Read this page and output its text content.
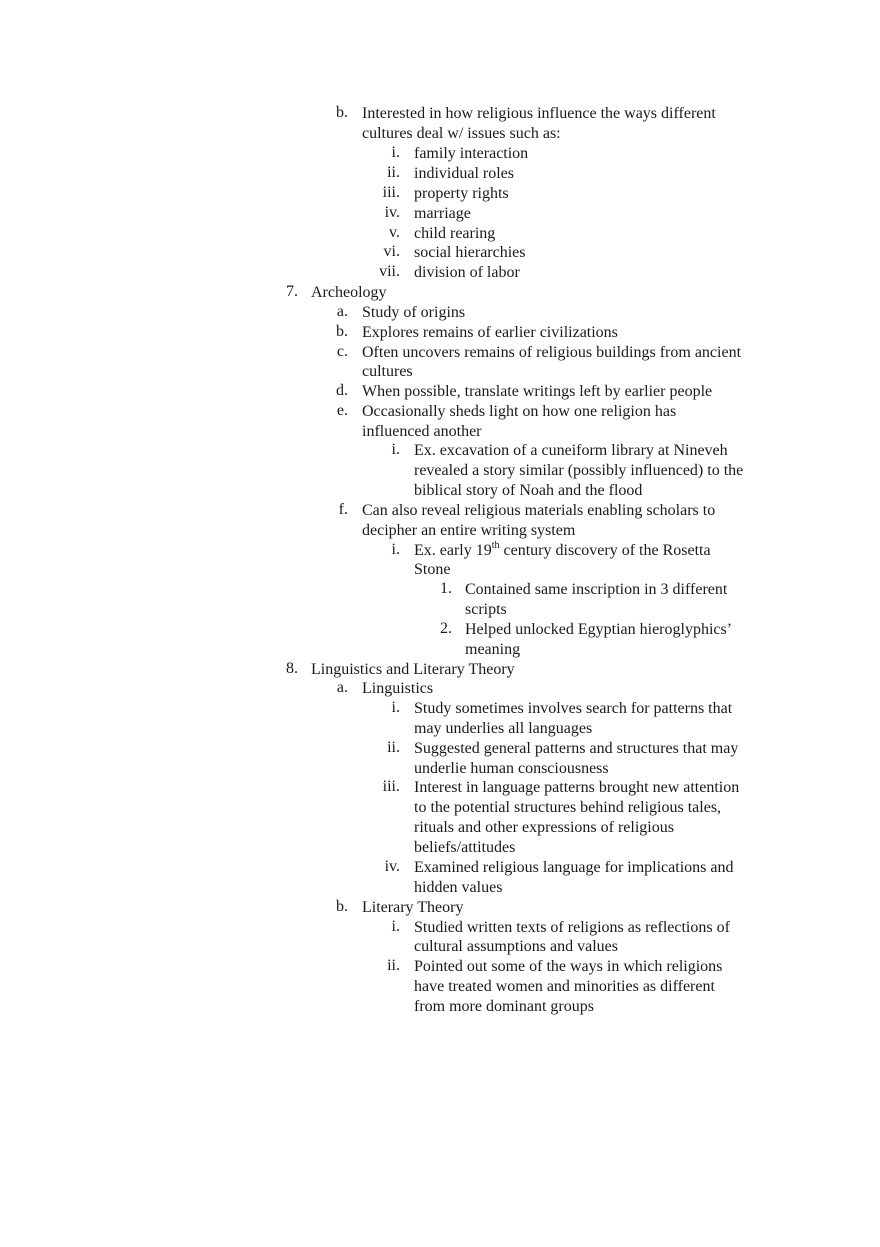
b. Interested in how religious influence the ways different
cultures deal w/ issues such as:
i. family interaction
ii. individual roles
iii. property rights
iv. marriage
v. child rearing
vi. social hierarchies
vii. division of labor
7. Archeology
a. Study of origins
b. Explores remains of earlier civilizations
c. Often uncovers remains of religious buildings from ancient
cultures
d. When possible, translate writings left by earlier people
e. Occasionally sheds light on how one religion has
influenced another
i. Ex. excavation of a cuneiform library at Nineveh
revealed a story similar (possibly influenced) to the
biblical story of Noah and the flood
f. Can also reveal religious materials enabling scholars to
decipher an entire writing system
i. Ex. early 19th century discovery of the Rosetta
Stone
1. Contained same inscription in 3 different
scripts
2. Helped unlocked Egyptian hieroglyphics’
meaning
8. Linguistics and Literary Theory
a. Linguistics
i. Study sometimes involves search for patterns that
may underlies all languages
ii. Suggested general patterns and structures that may
underlie human consciousness
iii. Interest in language patterns brought new attention
to the potential structures behind religious tales,
rituals and other expressions of religious
beliefs/attitudes
iv. Examined religious language for implications and
hidden values
b. Literary Theory
i. Studied written texts of religions as reflections of
cultural assumptions and values
ii. Pointed out some of the ways in which religions
have treated women and minorities as different
from more dominant groups
